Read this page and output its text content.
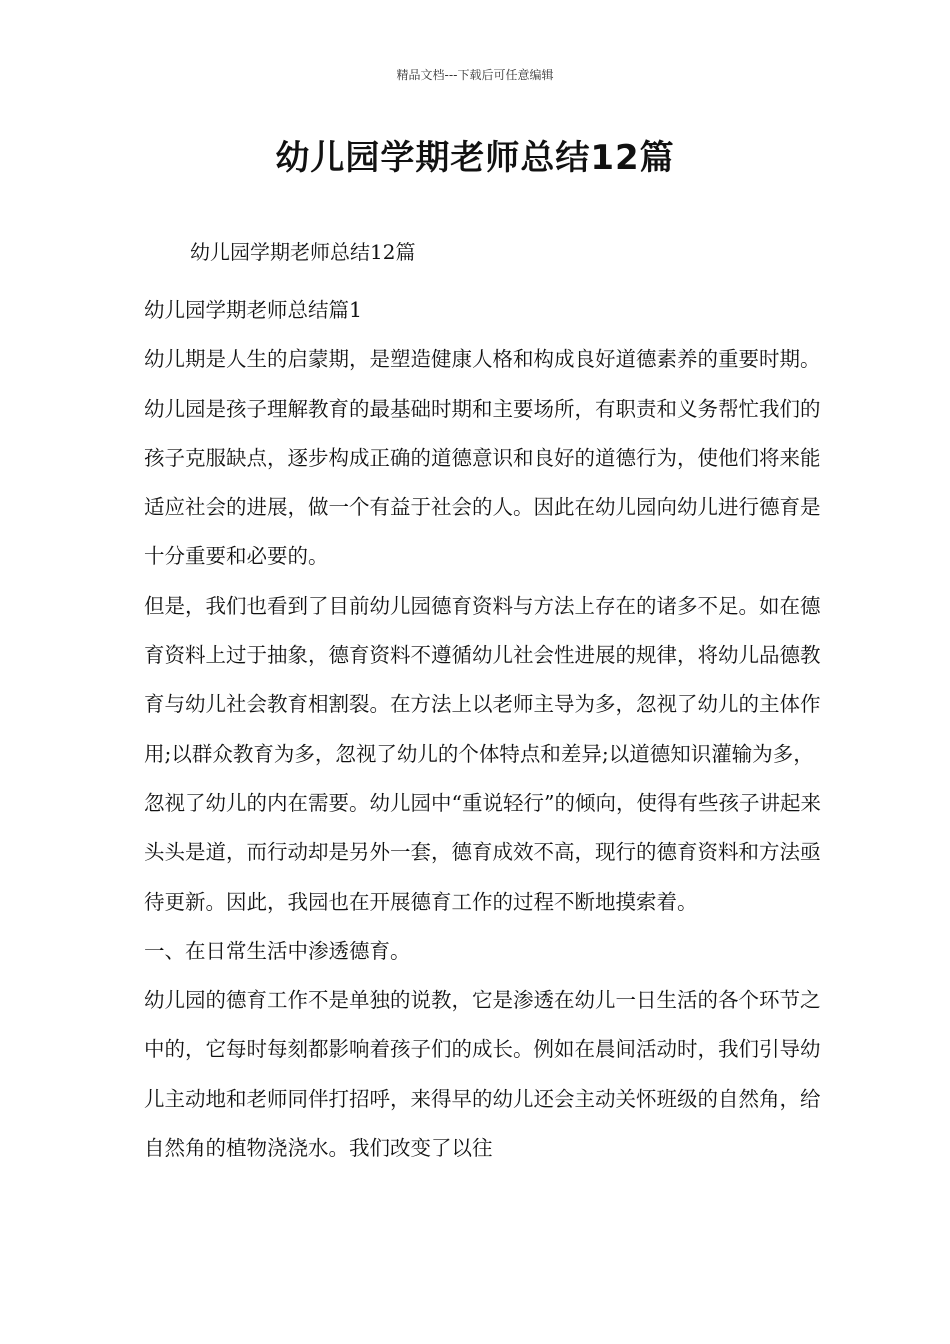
精品文档---下载后可任意编辑
幼儿园学期老师总结12篇
幼儿园学期老师总结12篇

幼儿园学期老师总结篇1

幼儿期是人生的启蒙期，是塑造健康人格和构成良好道德素养的重要时期。幼儿园是孩子理解教育的最基础时期和主要场所，有职责和义务帮忙我们的孩子克服缺点，逐步构成正确的道德意识和良好的道德行为，使他们将来能适应社会的进展，做一个有益于社会的人。因此在幼儿园向幼儿进行德育是十分重要和必要的。

但是，我们也看到了目前幼儿园德育资料与方法上存在的诸多不足。如在德育资料上过于抽象，德育资料不遵循幼儿社会性进展的规律，将幼儿品德教育与幼儿社会教育相割裂。在方法上以老师主导为多，忽视了幼儿的主体作用;以群众教育为多，忽视了幼儿的个体特点和差异;以道德知识灌输为多，忽视了幼儿的内在需要。幼儿园中“重说轻行”的倾向，使得有些孩子讲起来头头是道，而行动却是另外一套，德育成效不高，现行的德育资料和方法亟待更新。因此，我园也在开展德育工作的过程不断地摸索着。

一、在日常生活中渗透德育。

幼儿园的德育工作不是单独的说教，它是渗透在幼儿一日生活的各个环节之中的，它每时每刻都影响着孩子们的成长。例如在晨间活动时，我们引导幼儿主动地和老师同伴打招呼，来得早的幼儿还会主动关怀班级的自然角，给自然角的植物浇浇水。我们改变了以往
